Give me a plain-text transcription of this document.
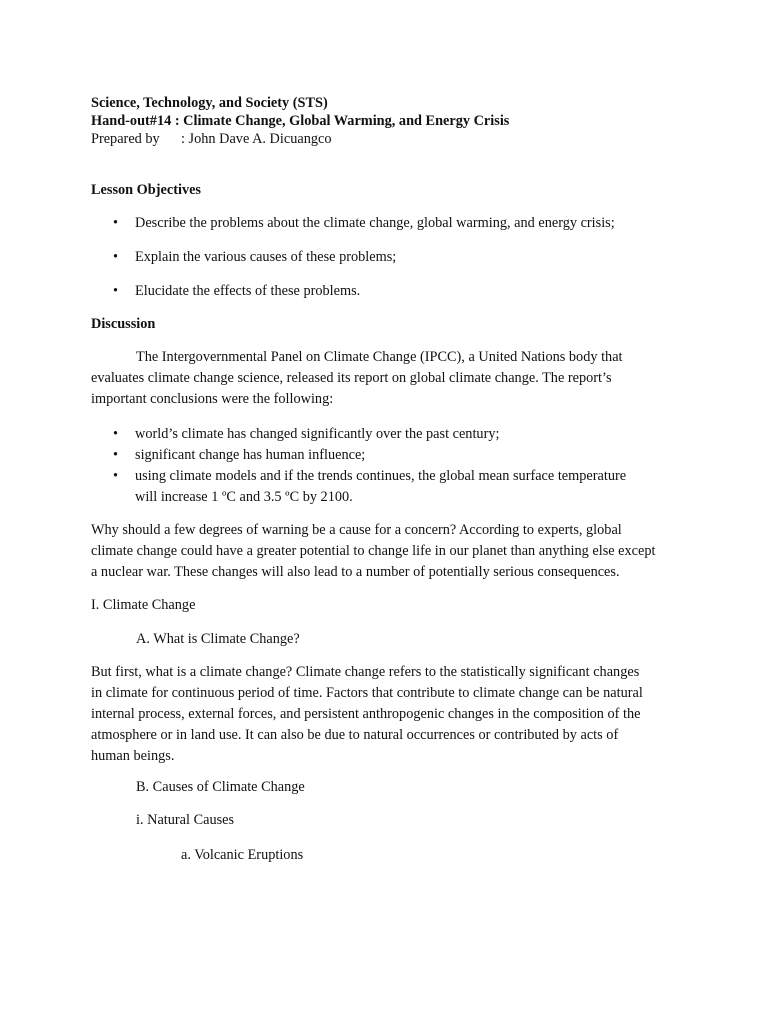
Science, Technology, and Society (STS)
Hand-out#14 : Climate Change, Global Warming, and Energy Crisis
Prepared by : John Dave A. Dicuangco
Lesson Objectives
• Describe the problems about the climate change, global warming, and energy crisis;
• Explain the various causes of these problems;
• Elucidate the effects of these problems.
Discussion
The Intergovernmental Panel on Climate Change (IPCC), a United Nations body that
evaluates climate change science, released its report on global climate change. The report’s
important conclusions were the following:
• world’s climate has changed significantly over the past century;
• significant change has human influence;
• using climate models and if the trends continues, the global mean surface temperature
will increase 1 ºC and 3.5 ºC by 2100.
Why should a few degrees of warning be a cause for a concern? According to experts, global
climate change could have a greater potential to change life in our planet than anything else except
a nuclear war. These changes will also lead to a number of potentially serious consequences.
I. Climate Change
A. What is Climate Change?
But first, what is a climate change? Climate change refers to the statistically significant changes
in climate for continuous period of time. Factors that contribute to climate change can be natural
internal process, external forces, and persistent anthropogenic changes in the composition of the
atmosphere or in land use. It can also be due to natural occurrences or contributed by acts of
human beings.
B. Causes of Climate Change
i. Natural Causes
a. Volcanic Eruptions
